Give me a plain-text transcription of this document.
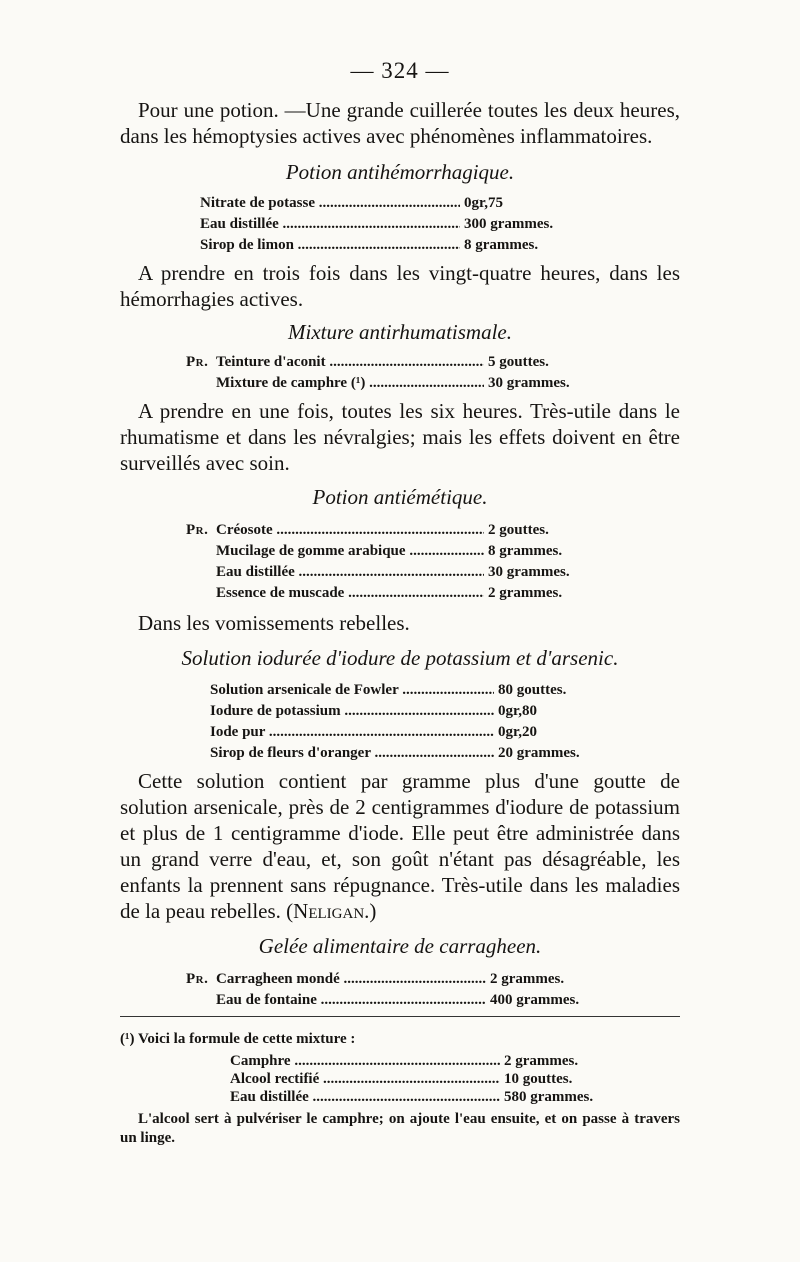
— 324 —

Pour une potion. —Une grande cuillerée toutes les deux heures, dans les hémoptysies actives avec phénomènes inflammatoires.

Potion antihémorrhagique.
Nitrate de potasse .....	0gr,75
Eau distillée .....	300 grammes.
Sirop de limon .....	8 grammes.

A prendre en trois fois dans les vingt-quatre heures, dans les hémorrhagies actives.

Mixture antirhumatismale.
Pr. Teinture d'aconit .....	5 gouttes.
Mixture de camphre (¹) .....	30 grammes.

A prendre en une fois, toutes les six heures. Très-utile dans le rhumatisme et dans les névralgies; mais les effets doivent en être surveillés avec soin.

Potion antiémétique.
Pr. Créosote .....	2 gouttes.
Mucilage de gomme arabique .....	8 grammes.
Eau distillée .....	30 grammes.
Essence de muscade .....	2 grammes.

Dans les vomissements rebelles.

Solution iodurée d'iodure de potassium et d'arsenic.
Solution arsenicale de Fowler .....	80 gouttes.
Iodure de potassium .....	0gr,80
Iode pur .....	0gr,20
Sirop de fleurs d'oranger .....	20 grammes.

Cette solution contient par gramme plus d'une goutte de solution arsenicale, près de 2 centigrammes d'iodure de potassium et plus de 1 centigramme d'iode. Elle peut être administrée dans un grand verre d'eau, et, son goût n'étant pas désagréable, les enfants la prennent sans répugnance. Très-utile dans les maladies de la peau rebelles. (Neligan.)

Gelée alimentaire de carragheen.
Pr. Carragheen mondé .....	2 grammes.
Eau de fontaine .....	400 grammes.
(¹) Voici la formule de cette mixture :
Camphre .....	2 grammes.
Alcool rectifié .....	10 gouttes.
Eau distillée .....	580 grammes.

L'alcool sert à pulvériser le camphre; on ajoute l'eau ensuite, et on passe à travers un linge.
